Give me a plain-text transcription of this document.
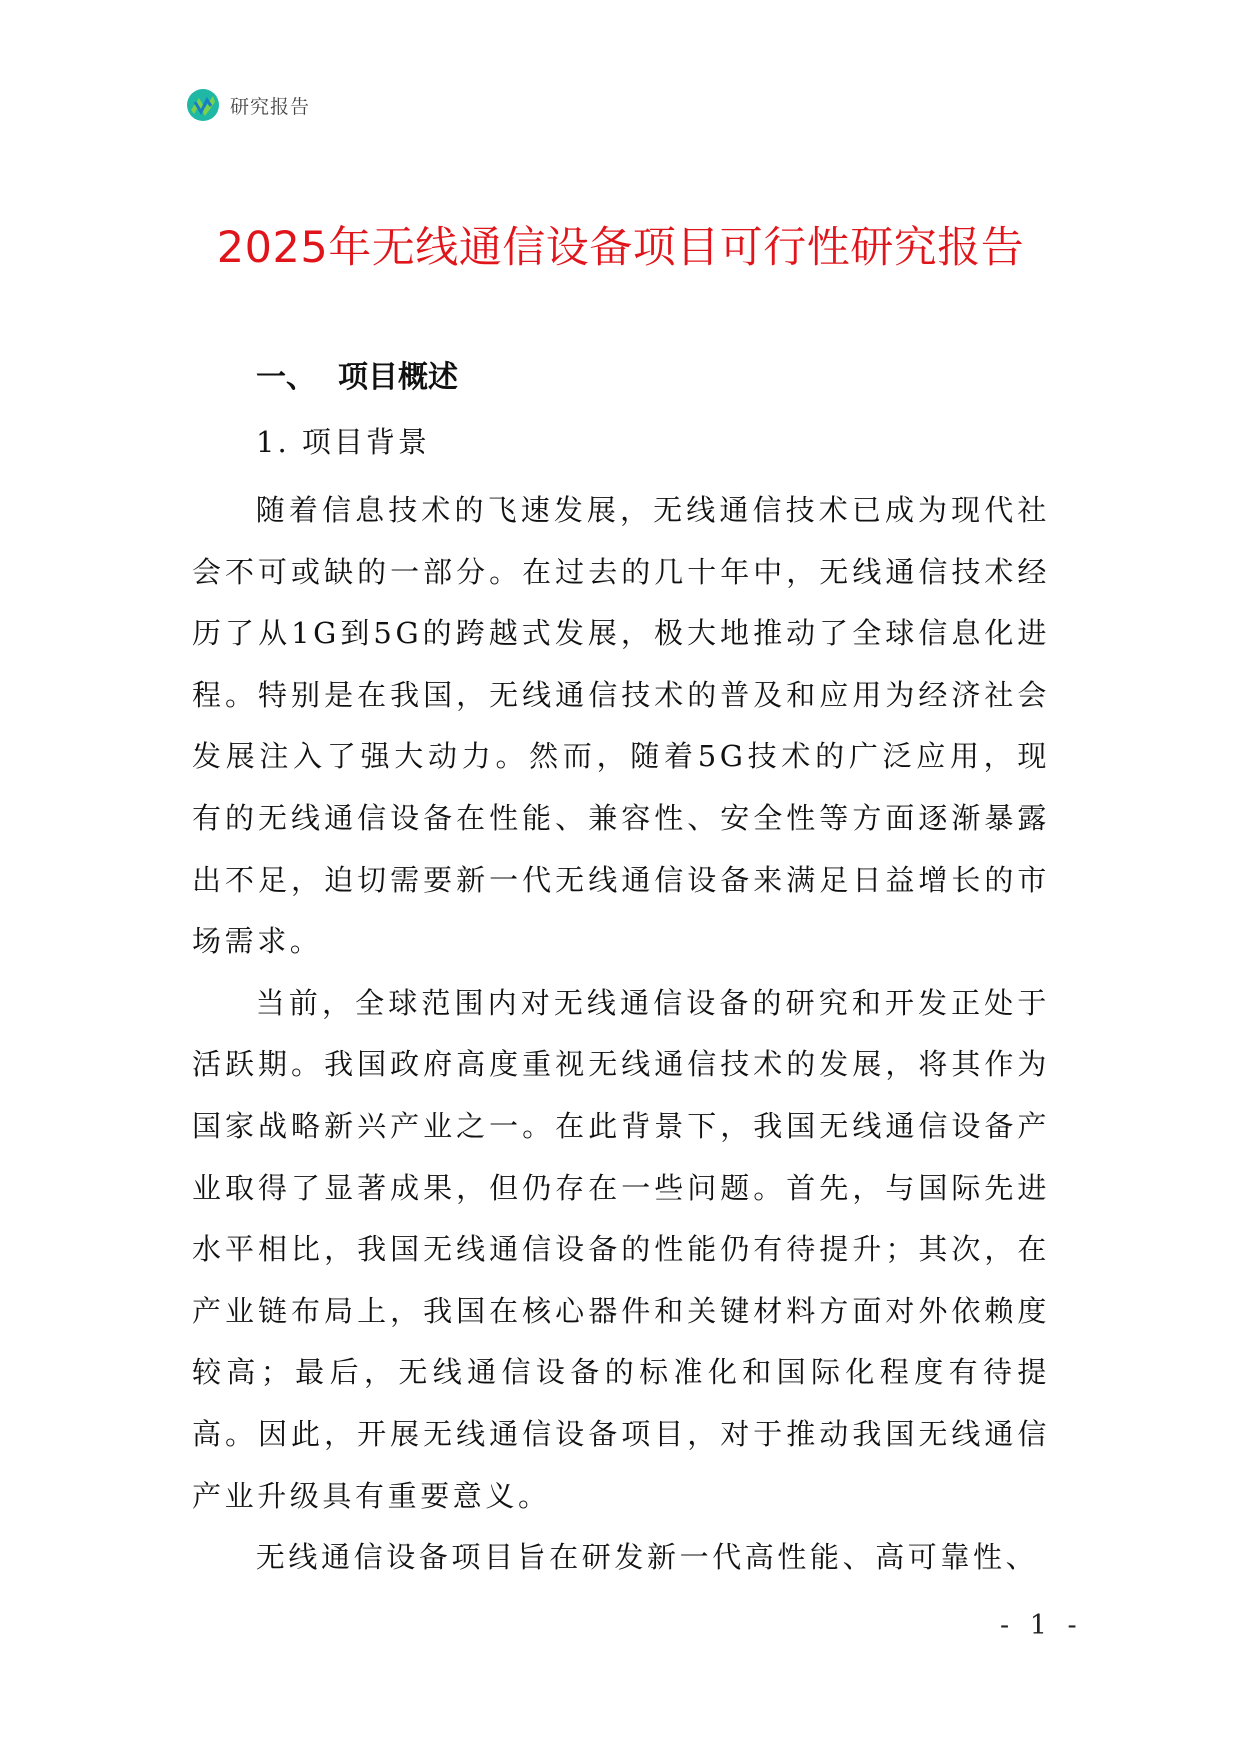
研究报告
2025年无线通信设备项目可行性研究报告
一、 项目概述
1. 项目背景

随着信息技术的飞速发展，无线通信技术已成为现代社会不可或缺的一部分。在过去的几十年中，无线通信技术经历了从1G到5G的跨越式发展，极大地推动了全球信息化进程。特别是在我国，无线通信技术的普及和应用为经济社会发展注入了强大动力。然而，随着5G技术的广泛应用，现有的无线通信设备在性能、兼容性、安全性等方面逐渐暴露出不足，迫切需要新一代无线通信设备来满足日益增长的市场需求。

当前，全球范围内对无线通信设备的研究和开发正处于活跃期。我国政府高度重视无线通信技术的发展，将其作为国家战略新兴产业之一。在此背景下，我国无线通信设备产业取得了显著成果，但仍存在一些问题。首先，与国际先进水平相比，我国无线通信设备的性能仍有待提升；其次，在产业链布局上，我国在核心器件和关键材料方面对外依赖度较高；最后，无线通信设备的标准化和国际化程度有待提高。因此，开展无线通信设备项目，对于推动我国无线通信产业升级具有重要意义。

无线通信设备项目旨在研发新一代高性能、高可靠性、

- 1 -
